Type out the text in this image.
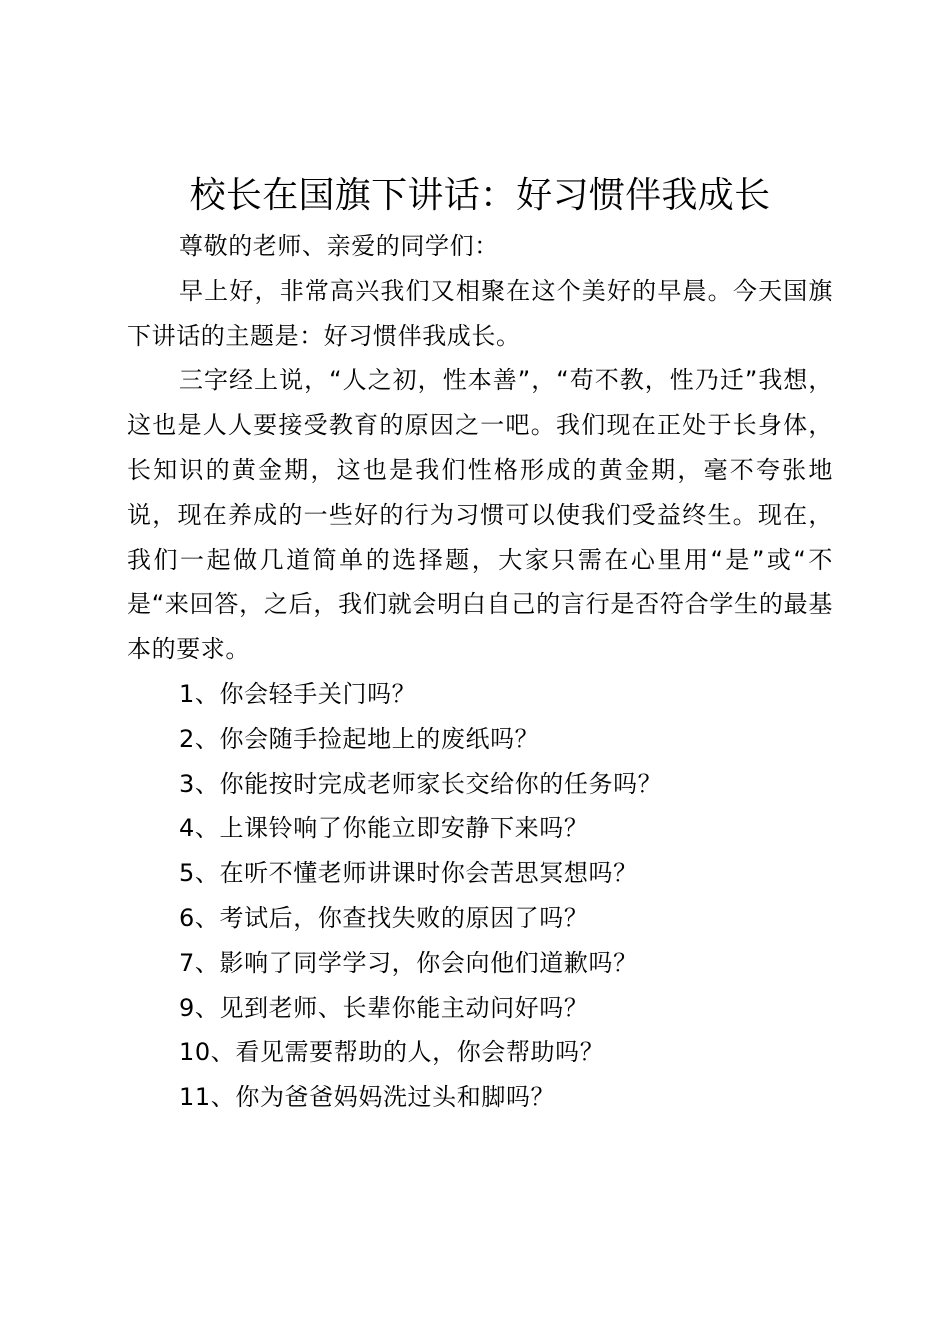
校长在国旗下讲话：好习惯伴我成长

尊敬的老师、亲爱的同学们：

早上好，非常高兴我们又相聚在这个美好的早晨。今天国旗下讲话的主题是：好习惯伴我成长。

三字经上说，“人之初，性本善”，“苟不教，性乃迁”我想，这也是人人要接受教育的原因之一吧。我们现在正处于长身体，长知识的黄金期，这也是我们性格形成的黄金期，毫不夸张地说，现在养成的一些好的行为习惯可以使我们受益终生。现在，我们一起做几道简单的选择题，大家只需在心里用“是”或“不是“来回答，之后，我们就会明白自己的言行是否符合学生的最基本的要求。

1、你会轻手关门吗？

2、你会随手捡起地上的废纸吗？

3、你能按时完成老师家长交给你的任务吗？

4、上课铃响了你能立即安静下来吗？

5、在听不懂老师讲课时你会苦思冥想吗？

6、考试后，你查找失败的原因了吗？

7、影响了同学学习，你会向他们道歉吗？

9、见到老师、长辈你能主动问好吗？

10、看见需要帮助的人，你会帮助吗？

11、你为爸爸妈妈洗过头和脚吗？
